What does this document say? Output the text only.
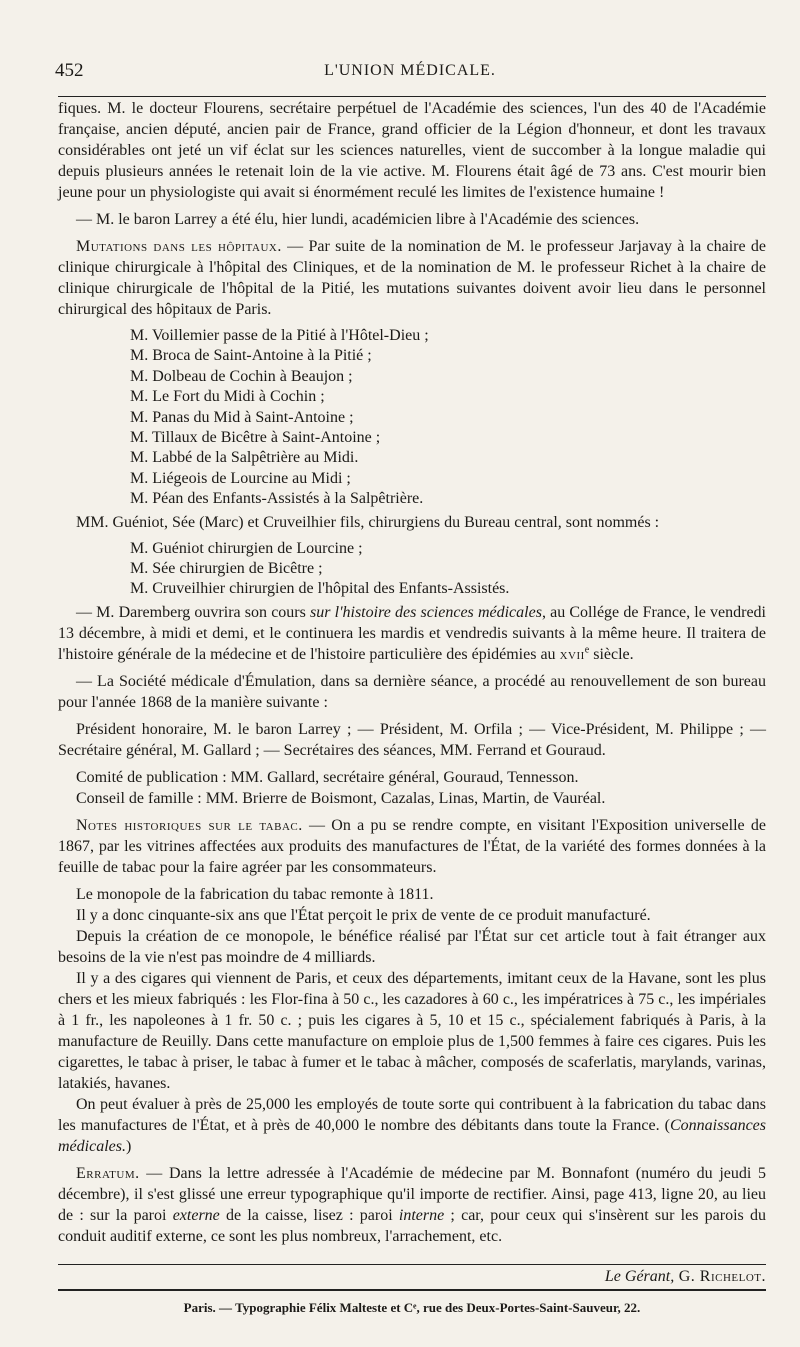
452	L'UNION MÉDICALE.

fiques. M. le docteur Flourens, secrétaire perpétuel de l'Académie des sciences, l'un des 40 de l'Académie française, ancien député, ancien pair de France, grand officier de la Légion d'honneur, et dont les travaux considérables ont jeté un vif éclat sur les sciences naturelles, vient de succomber à la longue maladie qui depuis plusieurs années le retenait loin de la vie active. M. Flourens était âgé de 73 ans. C'est mourir bien jeune pour un physiologiste qui avait si énormément reculé les limites de l'existence humaine !

— M. le baron Larrey a été élu, hier lundi, académicien libre à l'Académie des sciences.

Mutations dans les hôpitaux. — Par suite de la nomination de M. le professeur Jarjavay à la chaire de clinique chirurgicale à l'hôpital des Cliniques, et de la nomination de M. le professeur Richet à la chaire de clinique chirurgicale de l'hôpital de la Pitié, les mutations suivantes doivent avoir lieu dans le personnel chirurgical des hôpitaux de Paris.

M. Voillemier passe de la Pitié à l'Hôtel-Dieu ;
M. Broca de Saint-Antoine à la Pitié ;
M. Dolbeau de Cochin à Beaujon ;
M. Le Fort du Midi à Cochin ;
M. Panas du Mid à Saint-Antoine ;
M. Tillaux de Bicêtre à Saint-Antoine ;
M. Labbé de la Salpêtrière au Midi.
M. Liégeois de Lourcine au Midi ;
M. Péan des Enfants-Assistés à la Salpêtrière.

MM. Guéniot, Sée (Marc) et Cruveilhier fils, chirurgiens du Bureau central, sont nommés :

M. Guéniot chirurgien de Lourcine ;
M. Sée chirurgien de Bicêtre ;
M. Cruveilhier chirurgien de l'hôpital des Enfants-Assistés.

— M. Daremberg ouvrira son cours sur l'histoire des sciences médicales, au Collége de France, le vendredi 13 décembre, à midi et demi, et le continuera les mardis et vendredis suivants à la même heure. Il traitera de l'histoire générale de la médecine et de l'histoire particulière des épidémies au xvii$^e$ siècle.

— La Société médicale d'Émulation, dans sa dernière séance, a procédé au renouvellement de son bureau pour l'année 1868 de la manière suivante :

Président honoraire, M. le baron Larrey ; — Président, M. Orfila ; — Vice-Président, M. Philippe ; — Secrétaire général, M. Gallard ; — Secrétaires des séances, MM. Ferrand et Gouraud.

Comité de publication : MM. Gallard, secrétaire général, Gouraud, Tennesson.

Conseil de famille : MM. Brierre de Boismont, Cazalas, Linas, Martin, de Vauréal.

Notes historiques sur le tabac. — On a pu se rendre compte, en visitant l'Exposition universelle de 1867, par les vitrines affectées aux produits des manufactures de l'État, de la variété des formes données à la feuille de tabac pour la faire agréer par les consommateurs.

Le monopole de la fabrication du tabac remonte à 1811.

Il y a donc cinquante-six ans que l'État perçoit le prix de vente de ce produit manufacturé.

Depuis la création de ce monopole, le bénéfice réalisé par l'État sur cet article tout à fait étranger aux besoins de la vie n'est pas moindre de 4 milliards.

Il y a des cigares qui viennent de Paris, et ceux des départements, imitant ceux de la Havane, sont les plus chers et les mieux fabriqués : les Flor-fina à 50 c., les cazadores à 60 c., les impératrices à 75 c., les impériales à 1 fr., les napoleones à 1 fr. 50 c. ; puis les cigares à 5, 10 et 15 c., spécialement fabriqués à Paris, à la manufacture de Reuilly. Dans cette manufacture on emploie plus de 1,500 femmes à faire ces cigares. Puis les cigarettes, le tabac à priser, le tabac à fumer et le tabac à mâcher, composés de scaferlatis, marylands, varinas, latakiés, havanes.

On peut évaluer à près de 25,000 les employés de toute sorte qui contribuent à la fabrication du tabac dans les manufactures de l'État, et à près de 40,000 le nombre des débitants dans toute la France. (Connaissances médicales.)

Erratum. — Dans la lettre adressée à l'Académie de médecine par M. Bonnafont (numéro du jeudi 5 décembre), il s'est glissé une erreur typographique qu'il importe de rectifier. Ainsi, page 413, ligne 20, au lieu de : sur la paroi externe de la caisse, lisez : paroi interne ; car, pour ceux qui s'insèrent sur les parois du conduit auditif externe, ce sont les plus nombreux, l'arrachement, etc.

Le Gérant, G. Richelot.
Paris. — Typographie Félix Malteste et Cᵉ, rue des Deux-Portes-Saint-Sauveur, 22.
